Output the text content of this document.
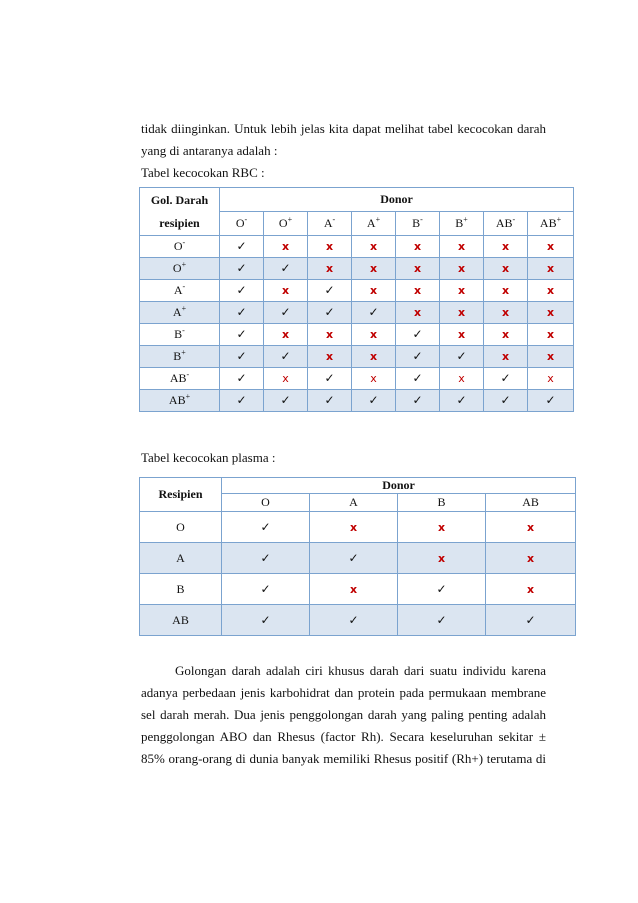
tidak diinginkan. Untuk lebih jelas kita dapat melihat tabel kecocokan darah

yang di antaranya adalah :

Tabel kecocokan RBC :

Gol. Darah
resipien	Donor							
	O-	O+	A-	A+	B-	B+	AB-	AB+
O-	✓	x	x	x	x	x	x	x
O+	✓	✓	x	x	x	x	x	x
A-	✓	x	✓	x	x	x	x	x
A+	✓	✓	✓	✓	x	x	x	x
B-	✓	x	x	x	✓	x	x	x
B+	✓	✓	x	x	✓	✓	x	x
AB-	✓	x	✓	x	✓	x	✓	x
AB+	✓	✓	✓	✓	✓	✓	✓	✓

Tabel kecocokan plasma :

Resipien	Donor			
	O	A	B	AB
O	✓	x	x	x
A	✓	✓	x	x
B	✓	x	✓	x
AB	✓	✓	✓	✓

Golongan darah adalah ciri khusus darah dari suatu individu karena

adanya perbedaan jenis karbohidrat dan protein pada permukaan membrane

sel darah merah. Dua jenis penggolongan darah yang paling penting adalah

penggolongan ABO dan Rhesus (factor Rh). Secara keseluruhan sekitar ±

85% orang-orang di dunia banyak memiliki Rhesus positif (Rh+) terutama di
